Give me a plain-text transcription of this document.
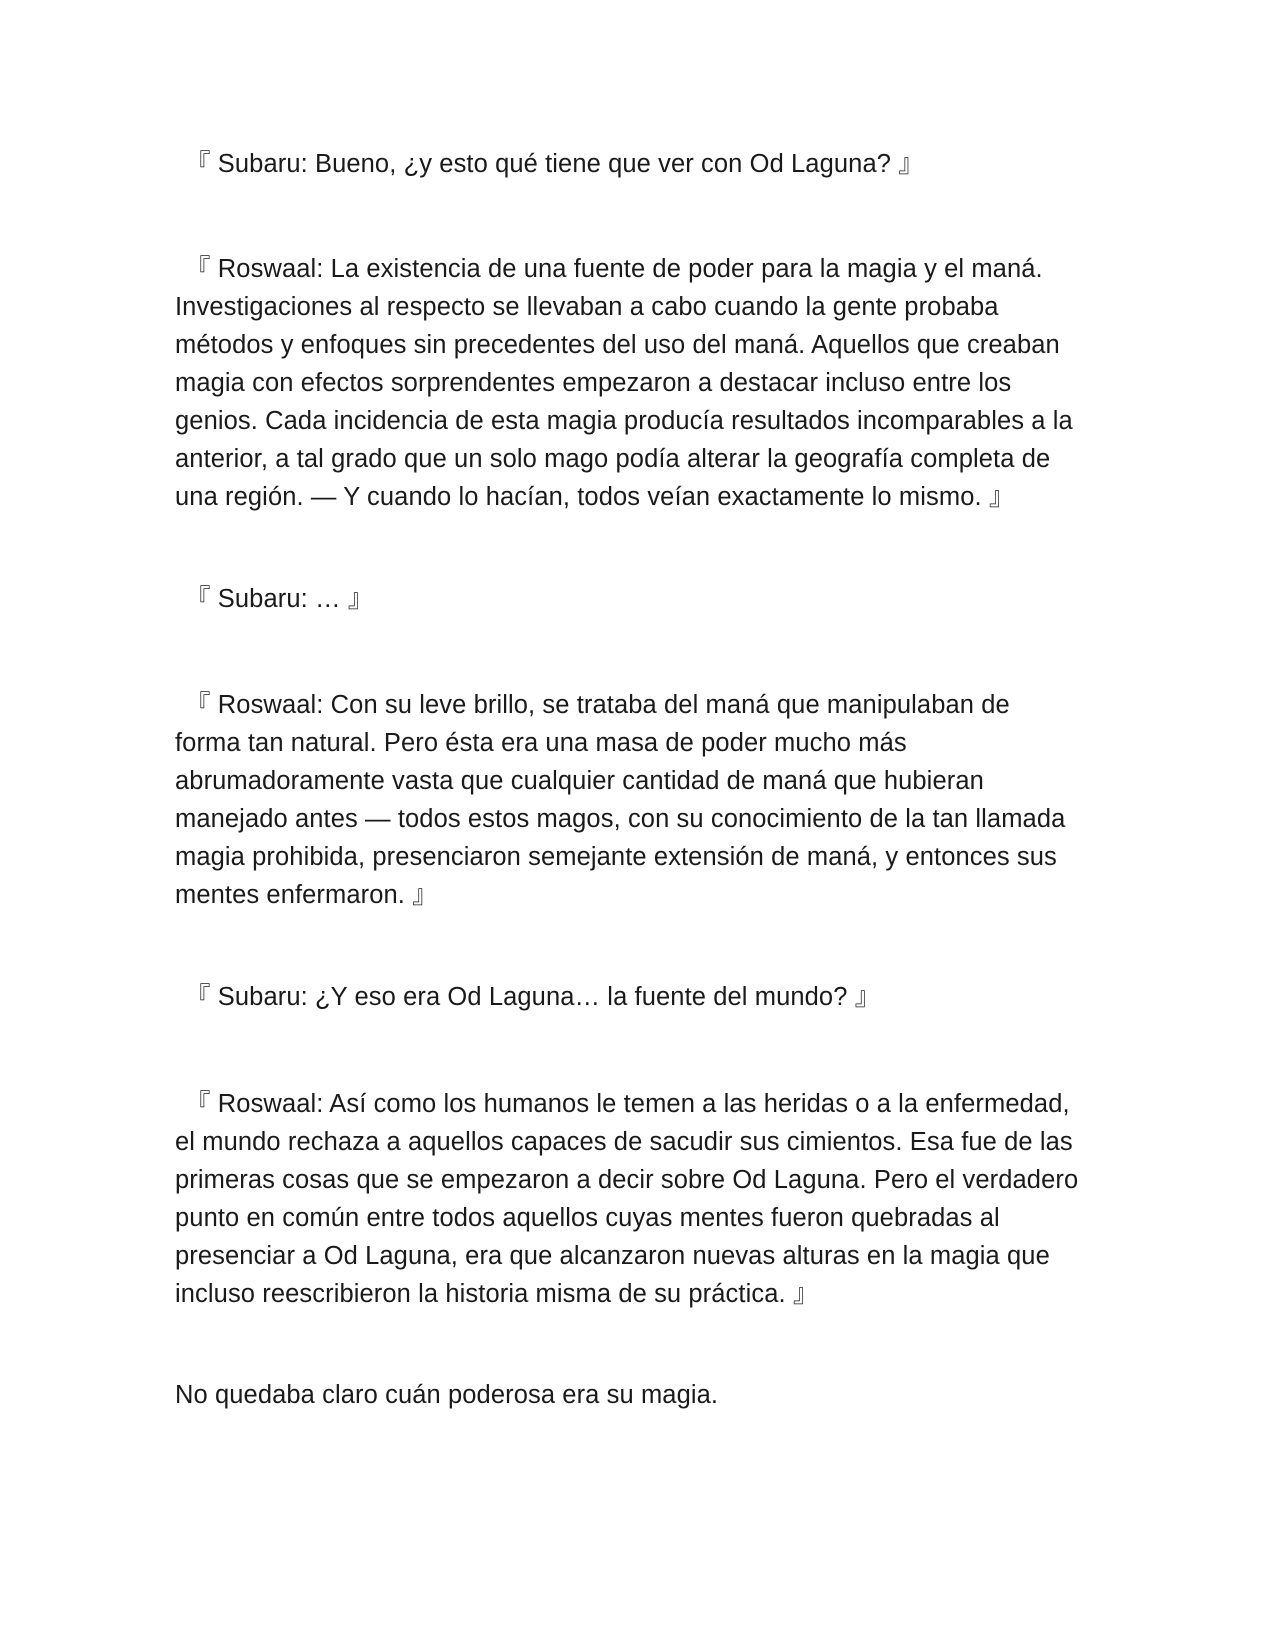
『 Subaru: Bueno, ¿y esto qué tiene que ver con Od Laguna? 』

『 Roswaal: La existencia de una fuente de poder para la magia y el maná.
Investigaciones al respecto se llevaban a cabo cuando la gente probaba
métodos y enfoques sin precedentes del uso del maná. Aquellos que creaban
magia con efectos sorprendentes empezaron a destacar incluso entre los
genios. Cada incidencia de esta magia producía resultados incomparables a la
anterior, a tal grado que un solo mago podía alterar la geografía completa de
una región. — Y cuando lo hacían, todos veían exactamente lo mismo. 』

『 Subaru: … 』

『 Roswaal: Con su leve brillo, se trataba del maná que manipulaban de
forma tan natural. Pero ésta era una masa de poder mucho más
abrumadoramente vasta que cualquier cantidad de maná que hubieran
manejado antes — todos estos magos, con su conocimiento de la tan llamada
magia prohibida, presenciaron semejante extensión de maná, y entonces sus
mentes enfermaron. 』

『 Subaru: ¿Y eso era Od Laguna… la fuente del mundo? 』

『 Roswaal: Así como los humanos le temen a las heridas o a la enfermedad,
el mundo rechaza a aquellos capaces de sacudir sus cimientos. Esa fue de las
primeras cosas que se empezaron a decir sobre Od Laguna. Pero el verdadero
punto en común entre todos aquellos cuyas mentes fueron quebradas al
presenciar a Od Laguna, era que alcanzaron nuevas alturas en la magia que
incluso reescribieron la historia misma de su práctica. 』

No quedaba claro cuán poderosa era su magia.
